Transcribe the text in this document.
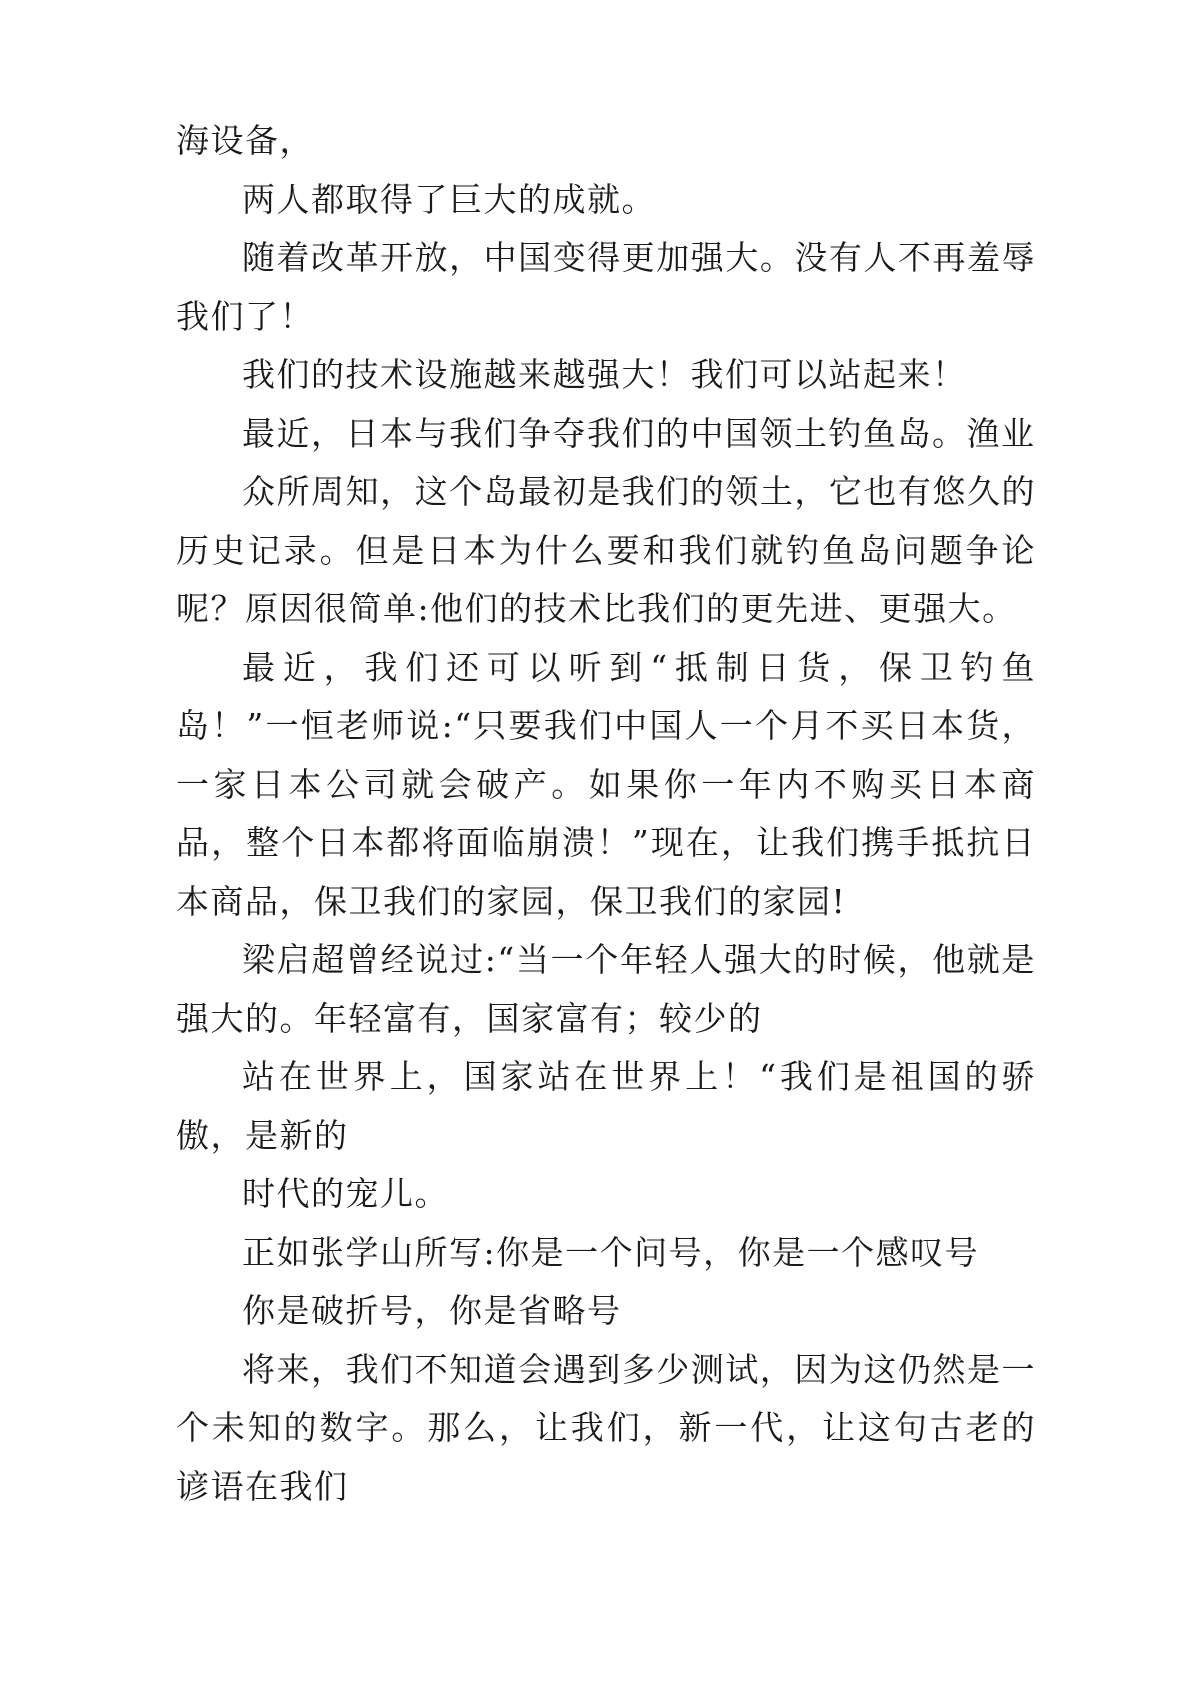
海设备，

两人都取得了巨大的成就。

随着改革开放，中国变得更加强大。没有人不再羞辱我们了！

我们的技术设施越来越强大！我们可以站起来！

最近，日本与我们争夺我们的中国领土钓鱼岛。渔业

众所周知，这个岛最初是我们的领土，它也有悠久的历史记录。但是日本为什么要和我们就钓鱼岛问题争论呢？原因很简单:他们的技术比我们的更先进、更强大。

最近，我们还可以听到“抵制日货，保卫钓鱼岛！”一恒老师说:“只要我们中国人一个月不买日本货，一家日本公司就会破产。如果你一年内不购买日本商品，整个日本都将面临崩溃！”现在，让我们携手抵抗日本商品，保卫我们的家园，保卫我们的家园!

梁启超曾经说过:“当一个年轻人强大的时候，他就是强大的。年轻富有，国家富有；较少的

站在世界上，国家站在世界上！“我们是祖国的骄傲，是新的

时代的宠儿。

正如张学山所写:你是一个问号，你是一个感叹号

你是破折号，你是省略号

将来，我们不知道会遇到多少测试，因为这仍然是一个未知的数字。那么，让我们，新一代，让这句古老的谚语在我们
